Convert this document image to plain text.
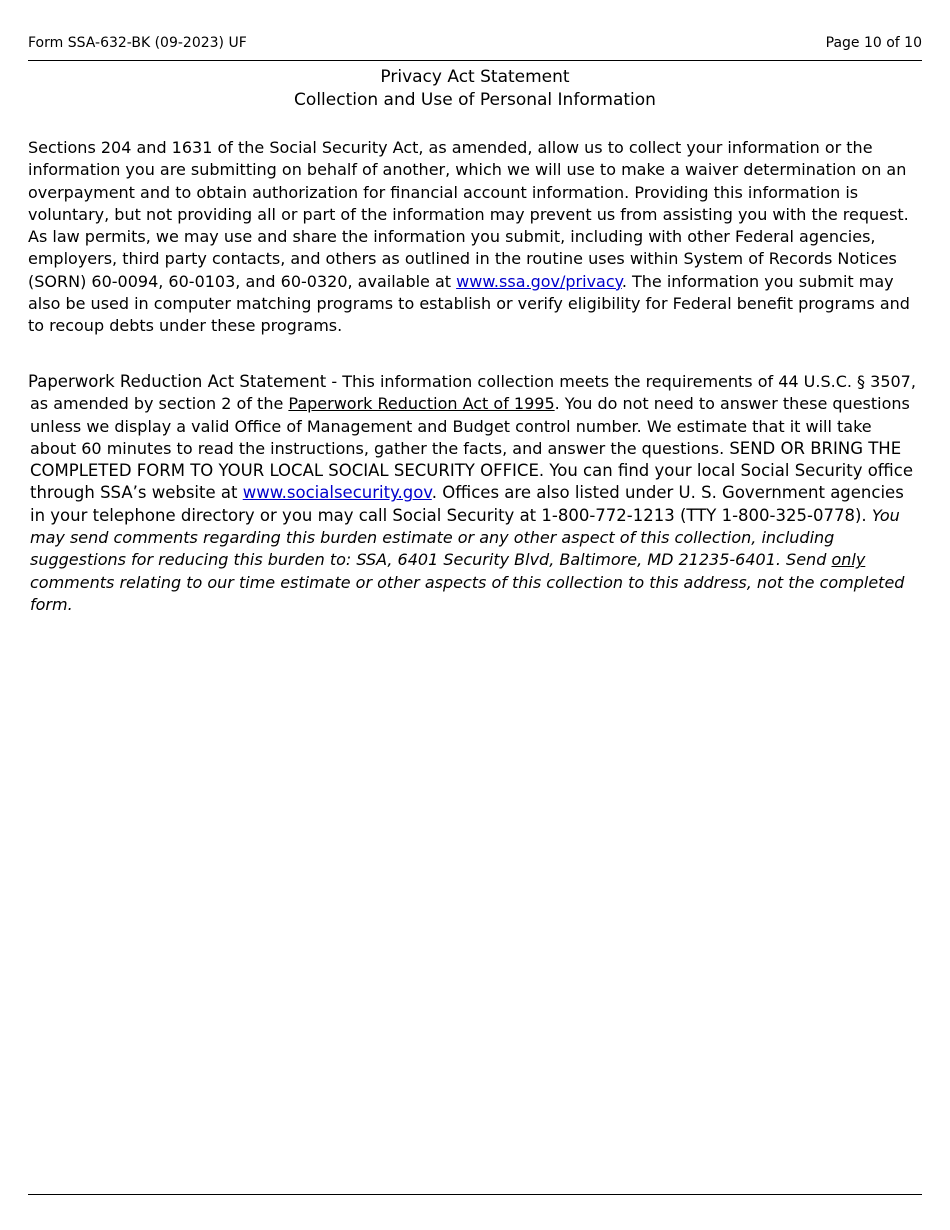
Form SSA-632-BK (09-2023) UF	Page 10 of 10
Privacy Act Statement
Collection and Use of Personal Information

Sections 204 and 1631 of the Social Security Act, as amended, allow us to collect your information or the information you are submitting on behalf of another, which we will use to make a waiver determination on an overpayment and to obtain authorization for financial account information. Providing this information is voluntary, but not providing all or part of the information may prevent us from assisting you with the request. As law permits, we may use and share the information you submit, including with other Federal agencies, employers, third party contacts, and others as outlined in the routine uses within System of Records Notices (SORN) 60-0094, 60-0103, and 60-0320, available at www.ssa.gov/privacy. The information you submit may also be used in computer matching programs to establish or verify eligibility for Federal benefit programs and to recoup debts under these programs.

Paperwork Reduction Act Statement - This information collection meets the requirements of 44 U.S.C. § 3507, as amended by section 2 of the Paperwork Reduction Act of 1995. You do not need to answer these questions unless we display a valid Office of Management and Budget control number. We estimate that it will take about 60 minutes to read the instructions, gather the facts, and answer the questions. SEND OR BRING THE COMPLETED FORM TO YOUR LOCAL SOCIAL SECURITY OFFICE. You can find your local Social Security office through SSA’s website at www.socialsecurity.gov. Offices are also listed under U. S. Government agencies in your telephone directory or you may call Social Security at 1-800-772-1213 (TTY 1-800-325-0778). You may send comments regarding this burden estimate or any other aspect of this collection, including suggestions for reducing this burden to: SSA, 6401 Security Blvd, Baltimore, MD 21235-6401. Send only comments relating to our time estimate or other aspects of this collection to this address, not the completed form.
